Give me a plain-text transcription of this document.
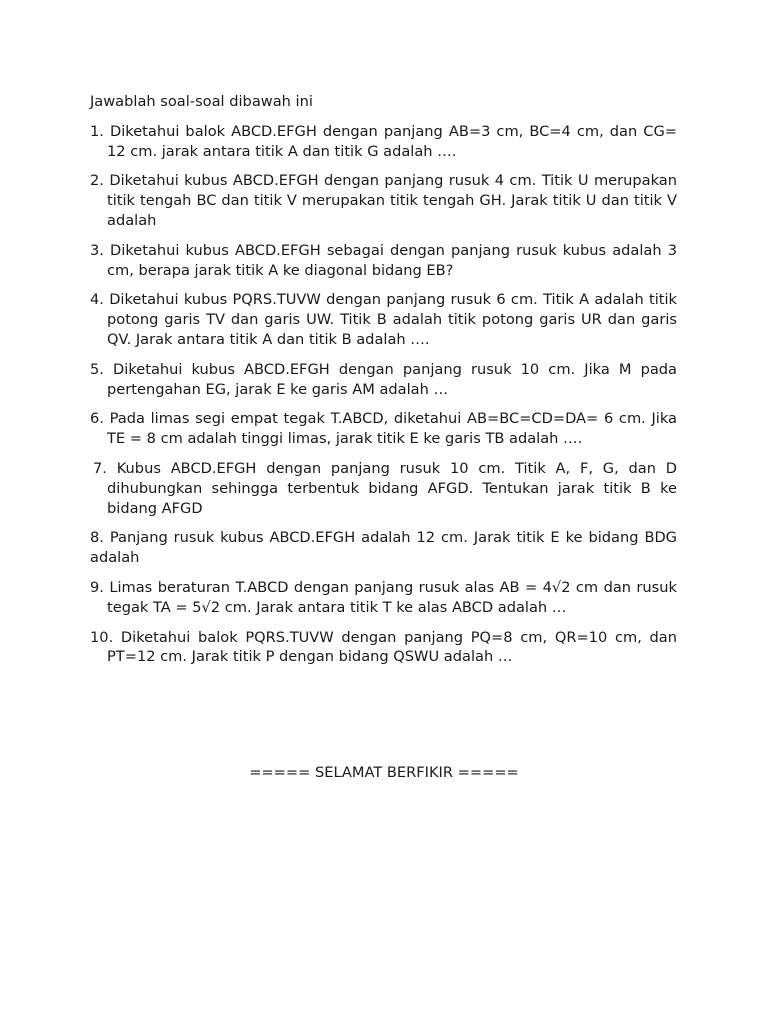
Jawablah soal-soal dibawah ini

1. Diketahui balok ABCD.EFGH dengan panjang AB=3 cm, BC=4 cm, dan CG= 12 cm. jarak antara titik A dan titik G adalah ….

2. Diketahui kubus ABCD.EFGH dengan panjang rusuk 4 cm. Titik U merupakan titik tengah BC dan titik V merupakan titik tengah GH. Jarak titik U dan titik V adalah

3. Diketahui kubus ABCD.EFGH sebagai dengan panjang rusuk kubus adalah 3 cm, berapa jarak titik A ke diagonal bidang EB?

4. Diketahui kubus PQRS.TUVW dengan panjang rusuk 6 cm. Titik A adalah titik potong garis TV dan garis UW. Titik B adalah titik potong garis UR dan garis QV. Jarak antara titik A dan titik B adalah ….

5. Diketahui kubus ABCD.EFGH dengan panjang rusuk 10 cm. Jika M pada pertengahan EG, jarak E ke garis AM adalah …

6. Pada limas segi empat tegak T.ABCD, diketahui AB=BC=CD=DA= 6 cm. Jika TE = 8 cm adalah tinggi limas, jarak titik E ke garis TB adalah ….

7. Kubus ABCD.EFGH dengan panjang rusuk 10 cm. Titik A, F, G, dan D dihubungkan sehingga terbentuk bidang AFGD. Tentukan jarak titik B ke bidang AFGD

8. Panjang rusuk kubus ABCD.EFGH adalah 12 cm. Jarak titik E ke bidang BDG adalah

9. Limas beraturan T.ABCD dengan panjang rusuk alas AB = 4√2 cm dan rusuk tegak TA = 5√2 cm. Jarak antara titik T ke alas ABCD adalah …

10. Diketahui balok PQRS.TUVW dengan panjang PQ=8 cm, QR=10 cm, dan PT=12 cm. Jarak titik P dengan bidang QSWU adalah …

===== SELAMAT BERFIKIR =====
